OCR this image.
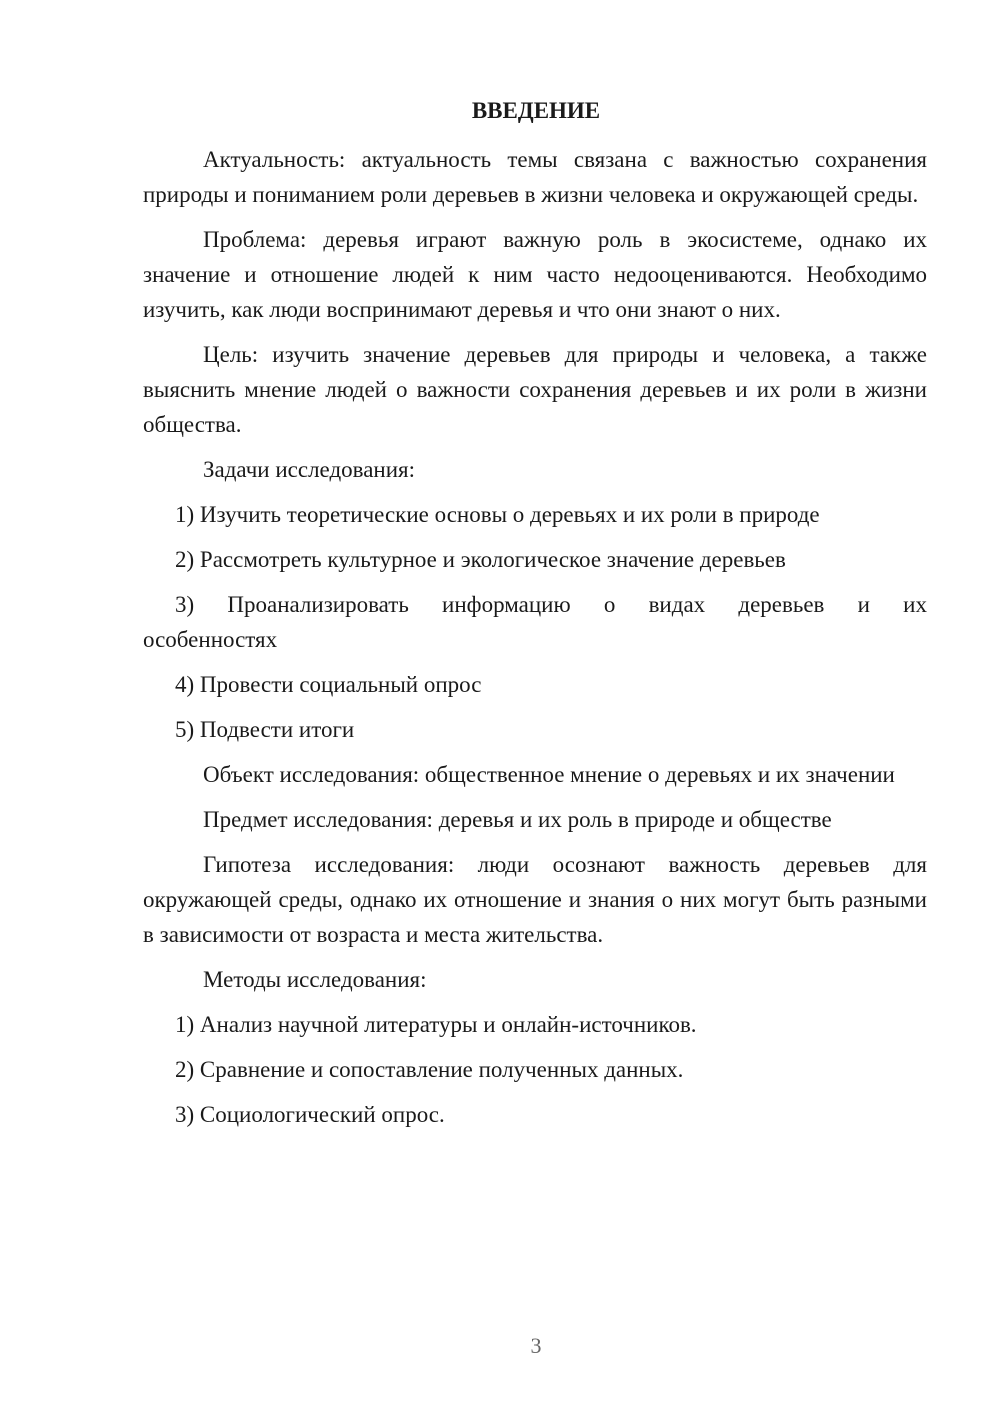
ВВЕДЕНИЕ

Актуальность: актуальность темы связана с важностью сохранения природы и пониманием роли деревьев в жизни человека и окружающей среды.

Проблема: деревья играют важную роль в экосистеме, однако их значение и отношение людей к ним часто недооцениваются. Необходимо изучить, как люди воспринимают деревья и что они знают о них.

Цель: изучить значение деревьев для природы и человека, а также выяснить мнение людей о важности сохранения деревьев и их роли в жизни общества.

Задачи исследования:

1) Изучить теоретические основы о деревьях и их роли в природе

2) Рассмотреть культурное и экологическое значение деревьев

3) Проанализировать информацию о видах деревьев и их

особенностях

4) Провести социальный опрос

5) Подвести итоги

Объект исследования: общественное мнение о деревьях и их значении

Предмет исследования: деревья и их роль в природе и обществе

Гипотеза исследования: люди осознают важность деревьев для окружающей среды, однако их отношение и знания о них могут быть разными в зависимости от возраста и места жительства.

Методы исследования:

1) Анализ научной литературы и онлайн-источников.

2) Сравнение и сопоставление полученных данных.

3) Социологический опрос.

3
